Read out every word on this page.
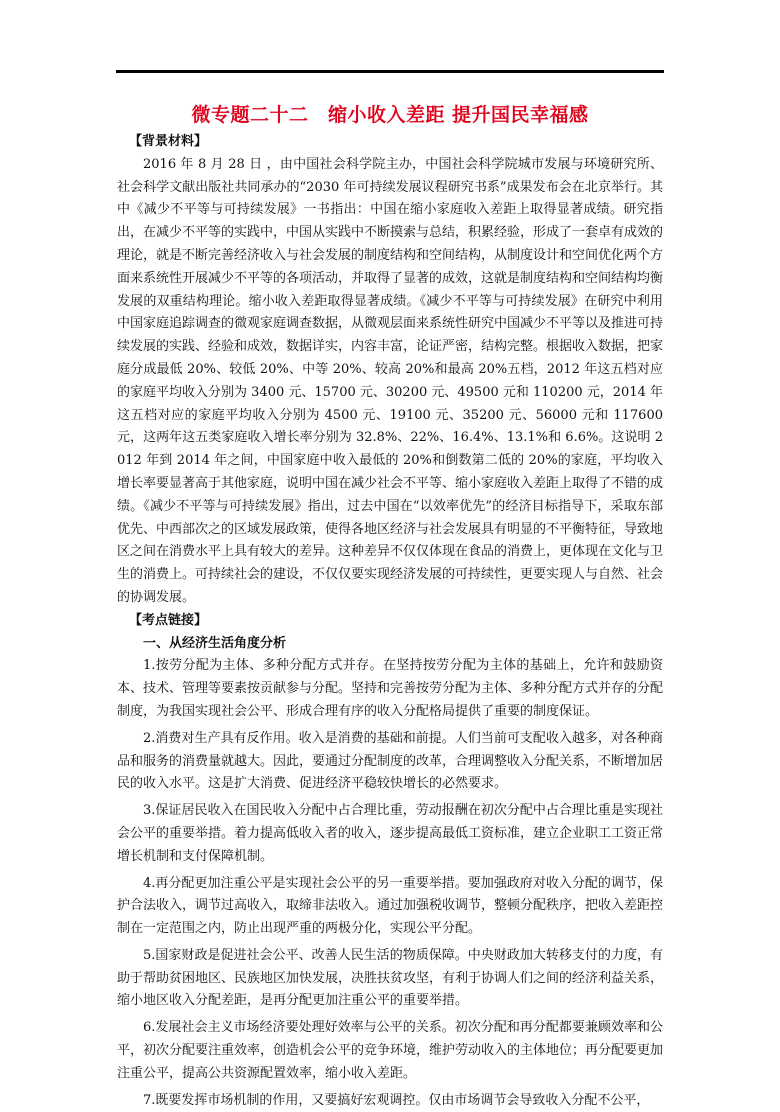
微专题二十二　缩小收入差距 提升国民幸福感

【背景材料】

2016 年 8 月 28 日 ，由中国社会科学院主办，中国社会科学院城市发展与环境研究所、社会科学文献出版社共同承办的“2030 年可持续发展议程研究书系”成果发布会在北京举行。其中《减少不平等与可持续发展》一书指出：中国在缩小家庭收入差距上取得显著成绩。研究指出，在减少不平等的实践中，中国从实践中不断摸索与总结，积累经验，形成了一套卓有成效的理论，就是不断完善经济收入与社会发展的制度结构和空间结构，从制度设计和空间优化两个方面来系统性开展减少不平等的各项活动，并取得了显著的成效，这就是制度结构和空间结构均衡发展的双重结构理论。缩小收入差距取得显著成绩。《减少不平等与可持续发展》在研究中利用中国家庭追踪调查的微观家庭调查数据，从微观层面来系统性研究中国减少不平等以及推进可持续发展的实践、经验和成效，数据详实，内容丰富，论证严密，结构完整。根据收入数据，把家庭分成最低 20%、较低 20%、中等 20%、较高 20%和最高 20%五档，2012 年这五档对应的家庭平均收入分别为 3400 元、15700 元、30200 元、49500 元和 110200 元，2014 年这五档对应的家庭平均收入分别为 4500 元、19100 元、35200 元、56000 元和 117600 元，这两年这五类家庭收入增长率分别为 32.8%、22%、16.4%、13.1%和 6.6%。这说明 2012 年到 2014 年之间，中国家庭中收入最低的 20%和倒数第二低的 20%的家庭，平均收入增长率要显著高于其他家庭，说明中国在减少社会不平等、缩小家庭收入差距上取得了不错的成绩。《减少不平等与可持续发展》指出，过去中国在“以效率优先”的经济目标指导下，采取东部优先、中西部次之的区域发展政策，使得各地区经济与社会发展具有明显的不平衡特征，导致地区之间在消费水平上具有较大的差异。这种差异不仅仅体现在食品的消费上，更体现在文化与卫生的消费上。可持续社会的建设，不仅仅要实现经济发展的可持续性，更要实现人与自然、社会的协调发展。

【考点链接】

一、从经济生活角度分析

1.按劳分配为主体、多种分配方式并存。在坚持按劳分配为主体的基础上，允许和鼓励资本、技术、管理等要素按贡献参与分配。坚持和完善按劳分配为主体、多种分配方式并存的分配制度，为我国实现社会公平、形成合理有序的收入分配格局提供了重要的制度保证。

2.消费对生产具有反作用。收入是消费的基础和前提。人们当前可支配收入越多，对各种商品和服务的消费量就越大。因此，要通过分配制度的改革，合理调整收入分配关系，不断增加居民的收入水平。这是扩大消费、促进经济平稳较快增长的必然要求。

3.保证居民收入在国民收入分配中占合理比重，劳动报酬在初次分配中占合理比重是实现社会公平的重要举措。着力提高低收入者的收入，逐步提高最低工资标准，建立企业职工工资正常增长机制和支付保障机制。

4.再分配更加注重公平是实现社会公平的另一重要举措。要加强政府对收入分配的调节，保护合法收入，调节过高收入，取缔非法收入。通过加强税收调节，整顿分配秩序，把收入差距控制在一定范围之内，防止出现严重的两极分化，实现公平分配。

5.国家财政是促进社会公平、改善人民生活的物质保障。中央财政加大转移支付的力度，有助于帮助贫困地区、民族地区加快发展，决胜扶贫攻坚，有利于协调人们之间的经济利益关系，缩小地区收入分配差距，是再分配更加注重公平的重要举措。

6.发展社会主义市场经济要处理好效率与公平的关系。初次分配和再分配都要兼顾效率和公平，初次分配要注重效率，创造机会公平的竞争环境，维护劳动收入的主体地位；再分配要更加注重公平，提高公共资源配置效率，缩小收入差距。

7.既要发挥市场机制的作用，又要搞好宏观调控。仅由市场调节会导致收入分配不公平，
